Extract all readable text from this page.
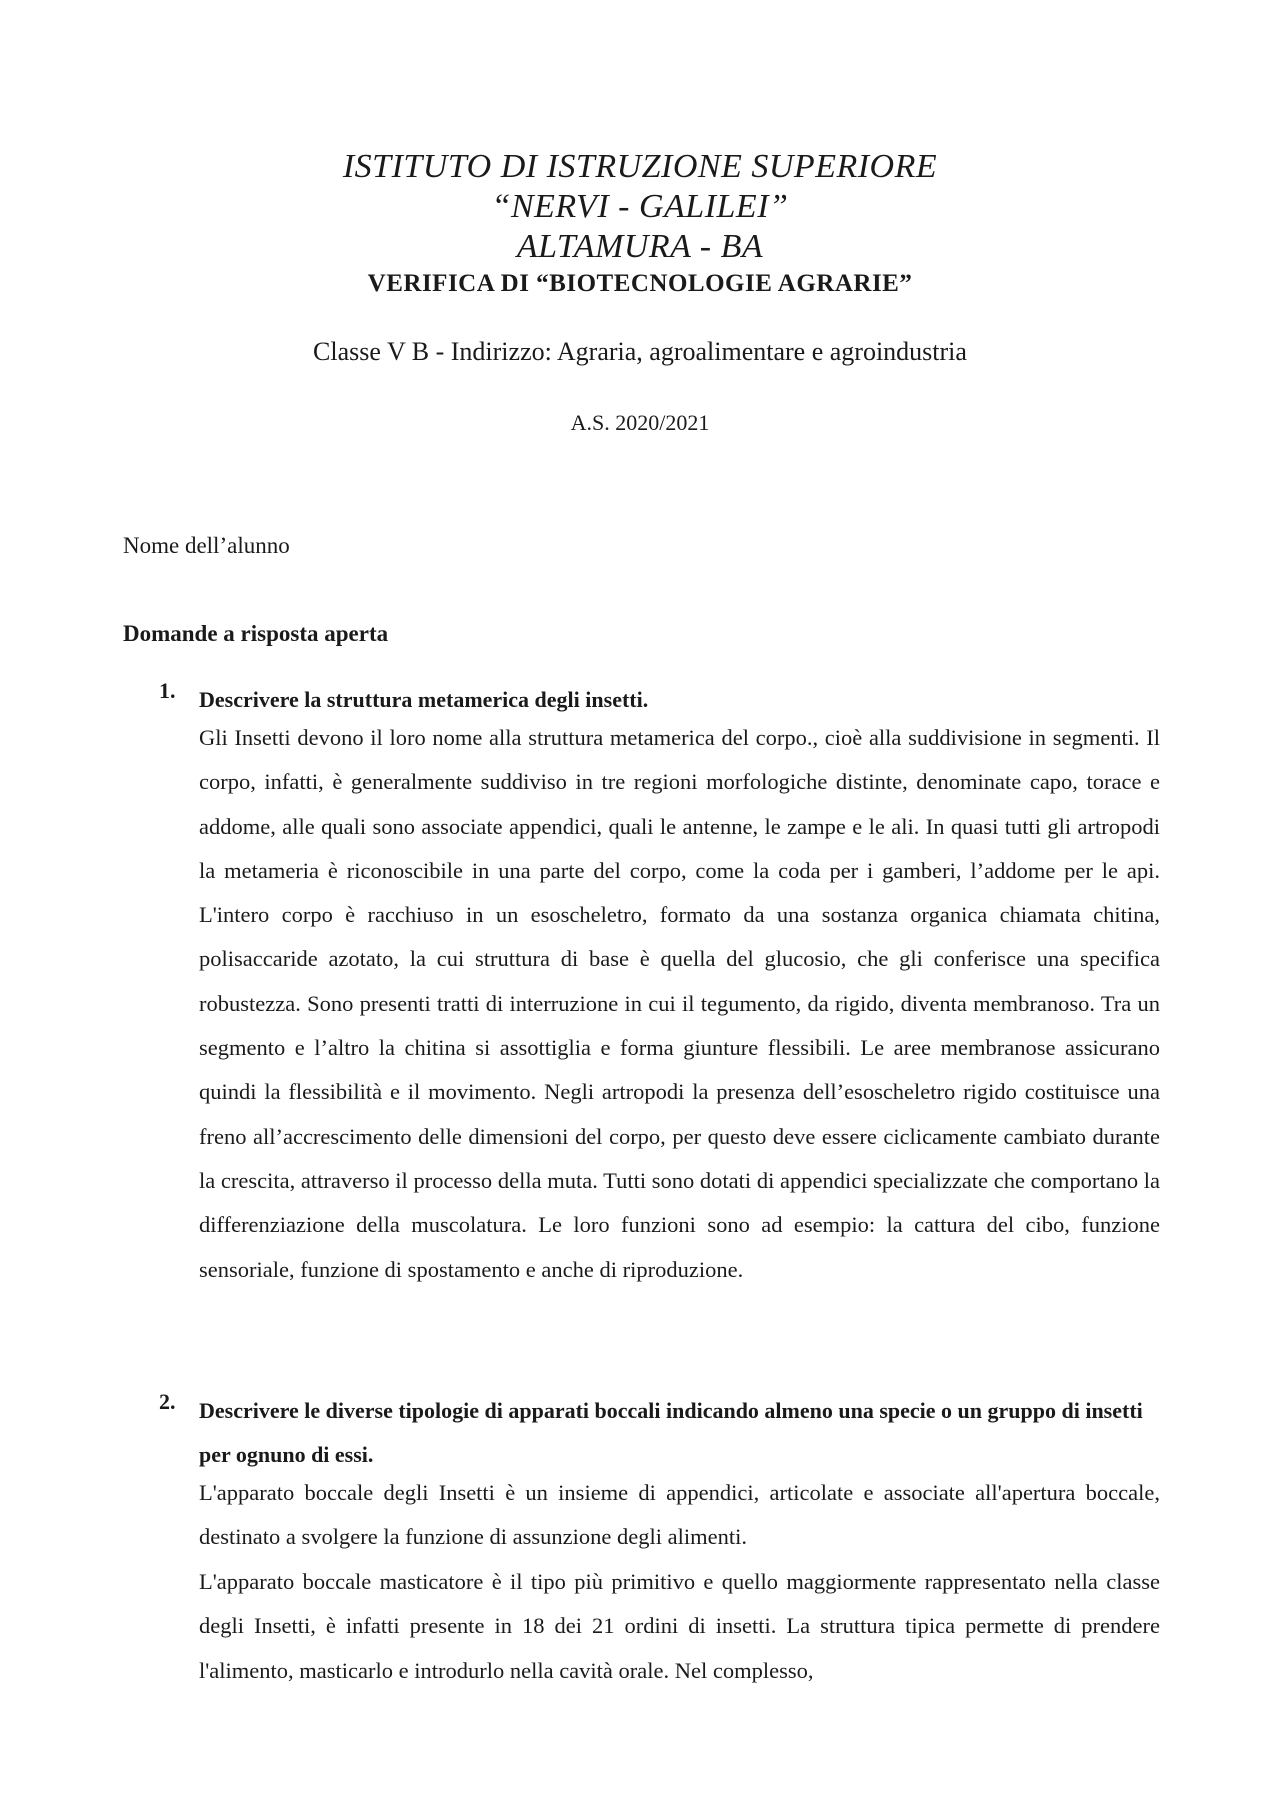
ISTITUTO DI ISTRUZIONE SUPERIORE
“NERVI - GALILEI”
ALTAMURA - BA
VERIFICA DI “BIOTECNOLOGIE AGRARIE”
Classe V B - Indirizzo: Agraria, agroalimentare e agroindustria
A.S. 2020/2021

Nome dell’alunno

Domande a risposta aperta

1. Descrivere la struttura metamerica degli insetti.

Gli Insetti devono il loro nome alla struttura metamerica del corpo., cioè alla suddivisione in segmenti. Il corpo, infatti, è generalmente suddiviso in tre regioni morfologiche distinte, denominate capo, torace e addome, alle quali sono associate appendici, quali le antenne, le zampe e le ali. In quasi tutti gli artropodi la metameria è riconoscibile in una parte del corpo, come la coda per i gamberi, l’addome per le api. L'intero corpo è racchiuso in un esoscheletro, formato da una sostanza organica chiamata chitina, polisaccaride azotato, la cui struttura di base è quella del glucosio, che gli conferisce una specifica robustezza. Sono presenti tratti di interruzione in cui il tegumento, da rigido, diventa membranoso. Tra un segmento e l’altro la chitina si assottiglia e forma giunture flessibili. Le aree membranose assicurano quindi la flessibilità e il movimento. Negli artropodi la presenza dell’esoscheletro rigido costituisce una freno all’accrescimento delle dimensioni del corpo, per questo deve essere ciclicamente cambiato durante la crescita, attraverso il processo della muta. Tutti sono dotati di appendici specializzate che comportano la differenziazione della muscolatura. Le loro funzioni sono ad esempio: la cattura del cibo, funzione sensoriale, funzione di spostamento e anche di riproduzione.

2. Descrivere le diverse tipologie di apparati boccali indicando almeno una specie o un gruppo di insetti per ognuno di essi.

L'apparato boccale degli Insetti è un insieme di appendici, articolate e associate all'apertura boccale, destinato a svolgere la funzione di assunzione degli alimenti.

L'apparato boccale masticatore è il tipo più primitivo e quello maggiormente rappresentato nella classe degli Insetti, è infatti presente in 18 dei 21 ordini di insetti. La struttura tipica permette di prendere l'alimento, masticarlo e introdurlo nella cavità orale. Nel complesso,
